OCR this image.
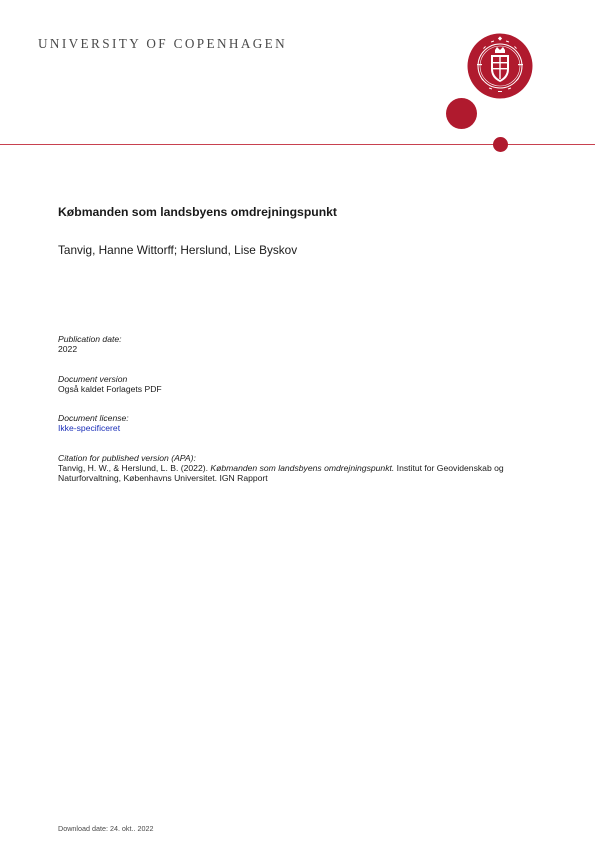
UNIVERSITY OF COPENHAGEN
Købmanden som landsbyens omdrejningspunkt
Tanvig, Hanne Wittorff; Herslund, Lise Byskov
Publication date:
2022
Document version
Også kaldet Forlagets PDF
Document license:
Ikke-specificeret
Citation for published version (APA):
Tanvig, H. W., & Herslund, L. B. (2022). Købmanden som landsbyens omdrejningspunkt. Institut for Geovidenskab og Naturforvaltning, Københavns Universitet. IGN Rapport
Download date: 24. okt.. 2022
